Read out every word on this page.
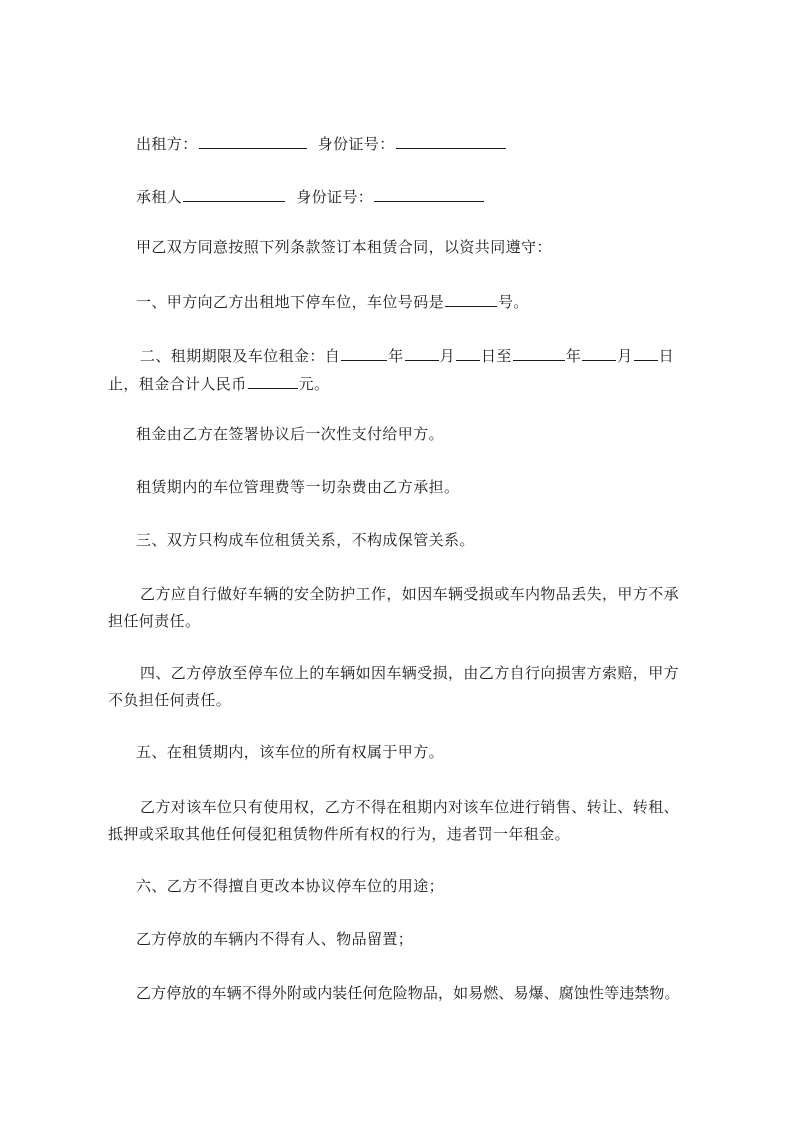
出租方：	身份证号：
承租人	身份证号：
甲乙双方同意按照下列条款签订本租赁合同，以资共同遵守：
一、甲方向乙方出租地下停车位，车位号码是	号。
二、租期期限及车位租金：自	年 月 日至	年 月 日
止，租金合计人民币	元。
租金由乙方在签署协议后一次性支付给甲方。
租赁期内的车位管理费等一切杂费由乙方承担。
三、双方只构成车位租赁关系，不构成保管关系。
乙方应自行做好车辆的安全防护工作，如因车辆受损或车内物品丢失，甲方不承
担任何责任。
四、乙方停放至停车位上的车辆如因车辆受损，由乙方自行向损害方索赔，甲方
不负担任何责任。
五、在租赁期内，该车位的所有权属于甲方。
乙方对该车位只有使用权，乙方不得在租期内对该车位进行销售、转让、转租、
抵押或采取其他任何侵犯租赁物件所有权的行为，违者罚一年租金。
六、乙方不得擅自更改本协议停车位的用途；
乙方停放的车辆内不得有人、物品留置；
乙方停放的车辆不得外附或内装任何危险物品，如易燃、易爆、腐蚀性等违禁物。
